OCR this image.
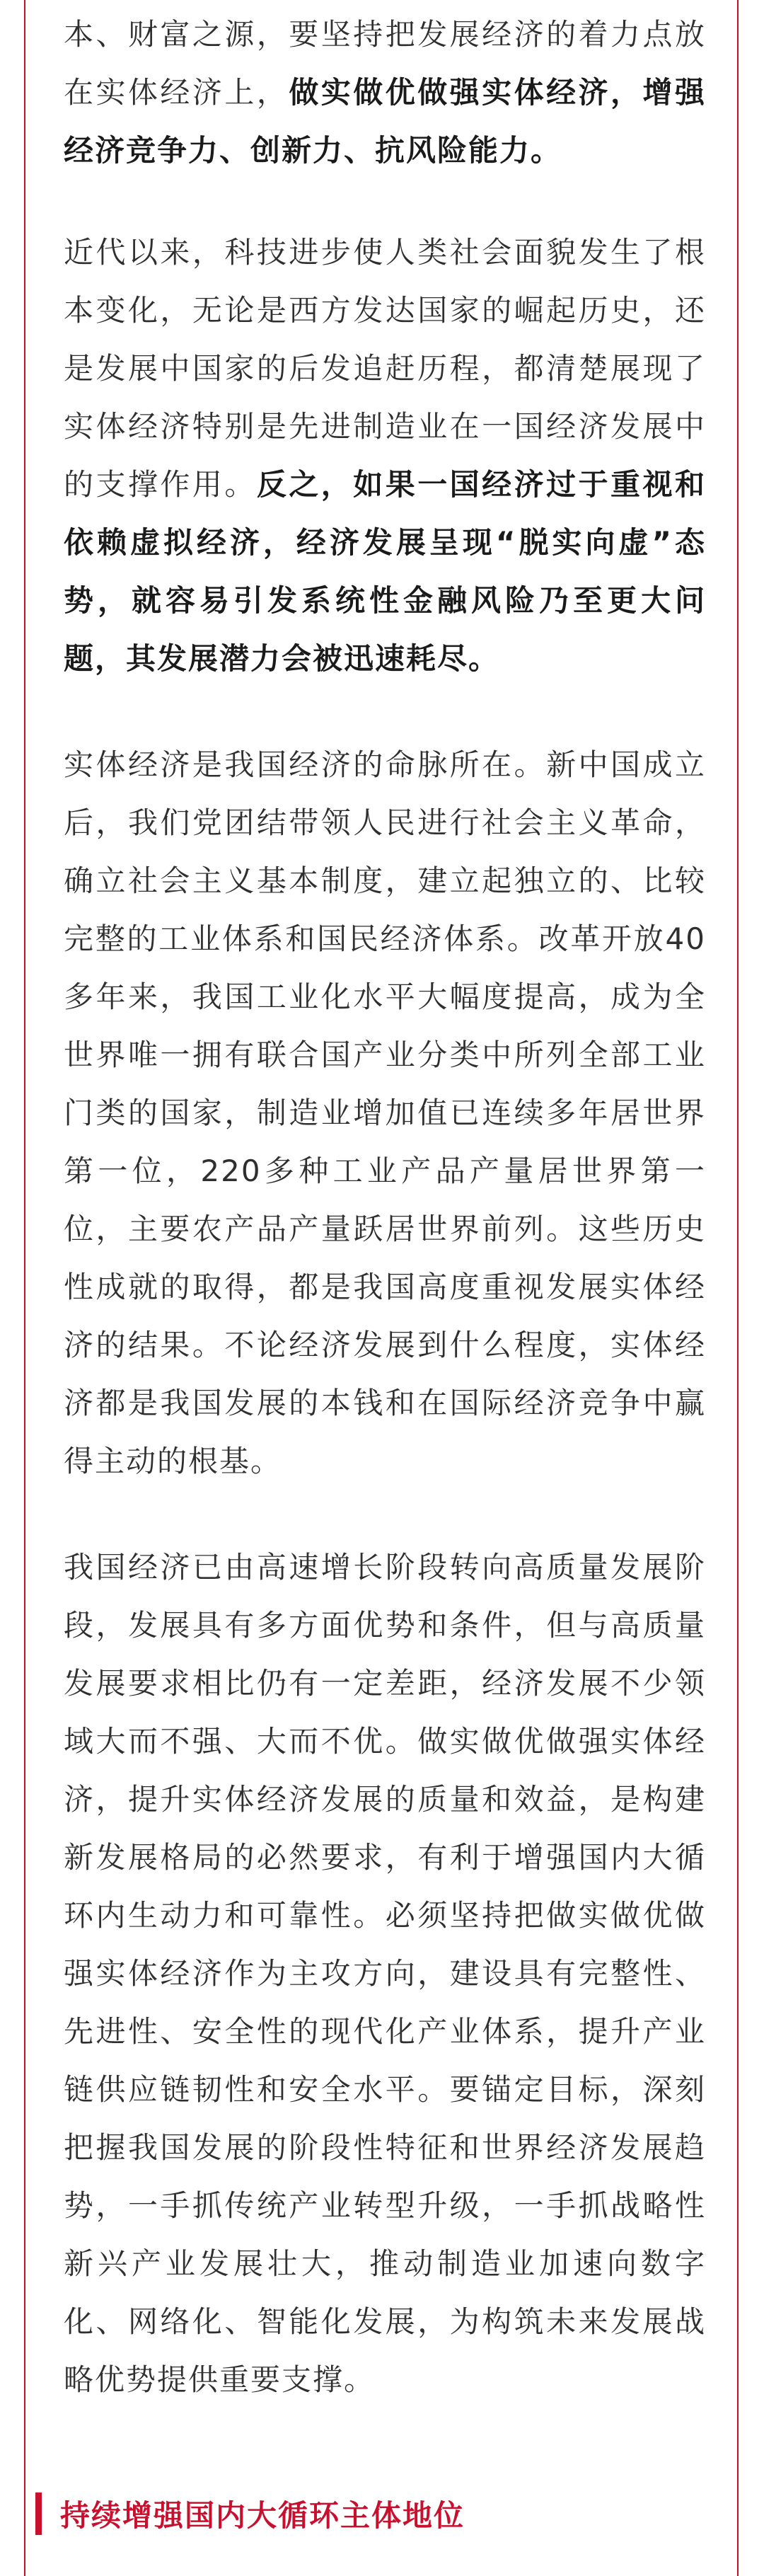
本、财富之源，要坚持把发展经济的着力点放在实体经济上，做实做优做强实体经济，增强经济竞争力、创新力、抗风险能力。

近代以来，科技进步使人类社会面貌发生了根本变化，无论是西方发达国家的崛起历史，还是发展中国家的后发追赶历程，都清楚展现了实体经济特别是先进制造业在一国经济发展中的支撑作用。反之，如果一国经济过于重视和依赖虚拟经济，经济发展呈现“脱实向虚”态势，就容易引发系统性金融风险乃至更大问题，其发展潜力会被迅速耗尽。

实体经济是我国经济的命脉所在。新中国成立后，我们党团结带领人民进行社会主义革命，确立社会主义基本制度，建立起独立的、比较完整的工业体系和国民经济体系。改革开放40多年来，我国工业化水平大幅度提高，成为全世界唯一拥有联合国产业分类中所列全部工业门类的国家，制造业增加值已连续多年居世界第一位，220多种工业产品产量居世界第一位，主要农产品产量跃居世界前列。这些历史性成就的取得，都是我国高度重视发展实体经济的结果。不论经济发展到什么程度，实体经济都是我国发展的本钱和在国际经济竞争中赢得主动的根基。

我国经济已由高速增长阶段转向高质量发展阶段，发展具有多方面优势和条件，但与高质量发展要求相比仍有一定差距，经济发展不少领域大而不强、大而不优。做实做优做强实体经济，提升实体经济发展的质量和效益，是构建新发展格局的必然要求，有利于增强国内大循环内生动力和可靠性。必须坚持把做实做优做强实体经济作为主攻方向，建设具有完整性、先进性、安全性的现代化产业体系，提升产业链供应链韧性和安全水平。要锚定目标，深刻把握我国发展的阶段性特征和世界经济发展趋势，一手抓传统产业转型升级，一手抓战略性新兴产业发展壮大，推动制造业加速向数字化、网络化、智能化发展，为构筑未来发展战略优势提供重要支撑。

持续增强国内大循环主体地位
